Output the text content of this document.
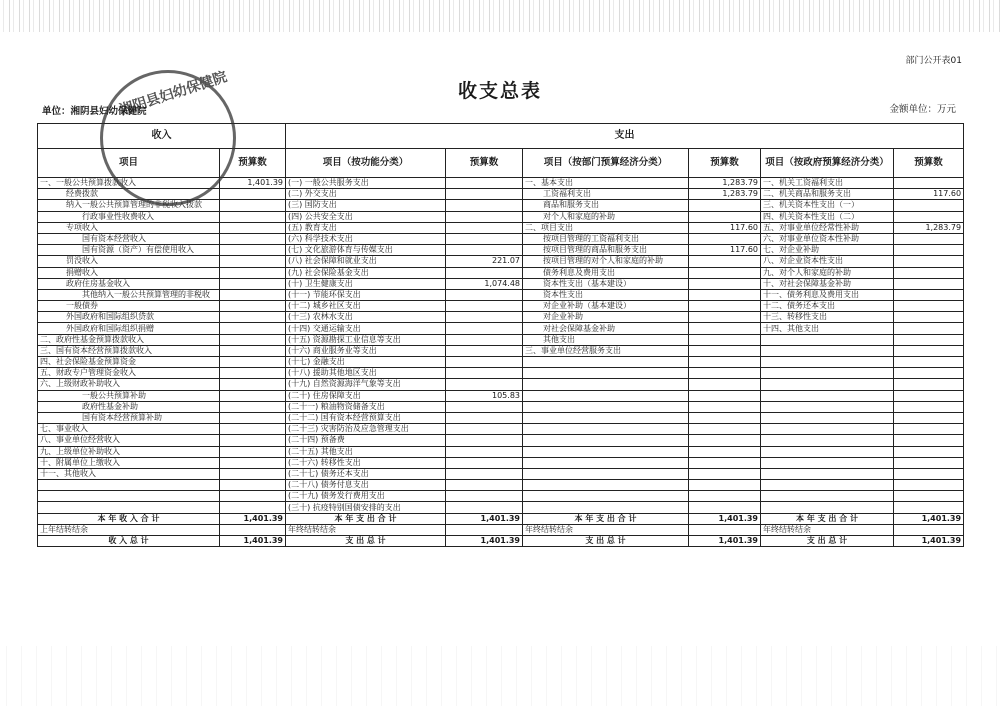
部门公开表01
收支总表
单位：湘阴县妇幼保健院	金额单位：万元
收入		支出					
项目	预算数	项目（按功能分类）	预算数	项目（按部门预算经济分类）	预算数	项目（按政府预算经济分类）	预算数
一、一般公共预算拨款收入	1,401.39	(一) 一般公共服务支出		一、基本支出	1,283.79	一、机关工资福利支出	
经费拨款		(二) 外交支出		工资福利支出	1,283.79	二、机关商品和服务支出	117.60
纳入一般公共预算管理的非税收入拨款		(三) 国防支出		商品和服务支出		三、机关资本性支出（一）	
行政事业性收费收入		(四) 公共安全支出		对个人和家庭的补助		四、机关资本性支出（二）	
专项收入		(五) 教育支出		二、项目支出	117.60	五、对事业单位经常性补助	1,283.79
国有资本经营收入		(六) 科学技术支出		按项目管理的工资福利支出		六、对事业单位资本性补助	
国有资源（资产）有偿使用收入		(七) 文化旅游体育与传媒支出		按项目管理的商品和服务支出	117.60	七、对企业补助	
罚没收入		(八) 社会保障和就业支出	221.07	按项目管理的对个人和家庭的补助		八、对企业资本性支出	
捐赠收入		(九) 社会保险基金支出		债务利息及费用支出		九、对个人和家庭的补助	
政府住房基金收入		(十) 卫生健康支出	1,074.48	资本性支出（基本建设）		十、对社会保障基金补助	
其他纳入一般公共预算管理的非税收		(十一) 节能环保支出		资本性支出		十一、债务利息及费用支出	
一般债券		(十二) 城乡社区支出		对企业补助（基本建设）		十二、债务还本支出	
外国政府和国际组织贷款		(十三) 农林水支出		对企业补助		十三、转移性支出	
外国政府和国际组织捐赠		(十四) 交通运输支出		对社会保障基金补助		十四、其他支出	
二、政府性基金预算拨款收入		(十五) 资源勘探工业信息等支出		其他支出			
三、国有资本经营预算拨款收入		(十六) 商业服务业等支出		三、事业单位经营服务支出			
四、社会保险基金预算资金		(十七) 金融支出					
五、财政专户管理资金收入		(十八) 援助其他地区支出					
六、上级财政补助收入		(十九) 自然资源海洋气象等支出					
一般公共预算补助		(二十) 住房保障支出	105.83				
政府性基金补助		(二十一) 粮油物资储备支出					
国有资本经营预算补助		(二十二) 国有资本经营预算支出					
七、事业收入		(二十三) 灾害防治及应急管理支出					
八、事业单位经营收入		(二十四) 预备费					
九、上级单位补助收入		(二十五) 其他支出					
十、附属单位上缴收入		(二十六) 转移性支出					
十一、其他收入		(二十七) 债务还本支出					
		(二十八) 债务付息支出					
		(二十九) 债务发行费用支出					
		(三十) 抗疫特别国债安排的支出					
本 年 收 入 合 计	1,401.39	本 年 支 出 合 计	1,401.39	本 年 支 出 合 计	1,401.39	本 年 支 出 合 计	1,401.39
上年结转结余		年终结转结余		年终结转结余		年终结转结余	
收 入 总 计	1,401.39	支 出 总 计	1,401.39	支 出 总 计	1,401.39	支 出 总 计	1,401.39
湘阴县妇幼保健院
